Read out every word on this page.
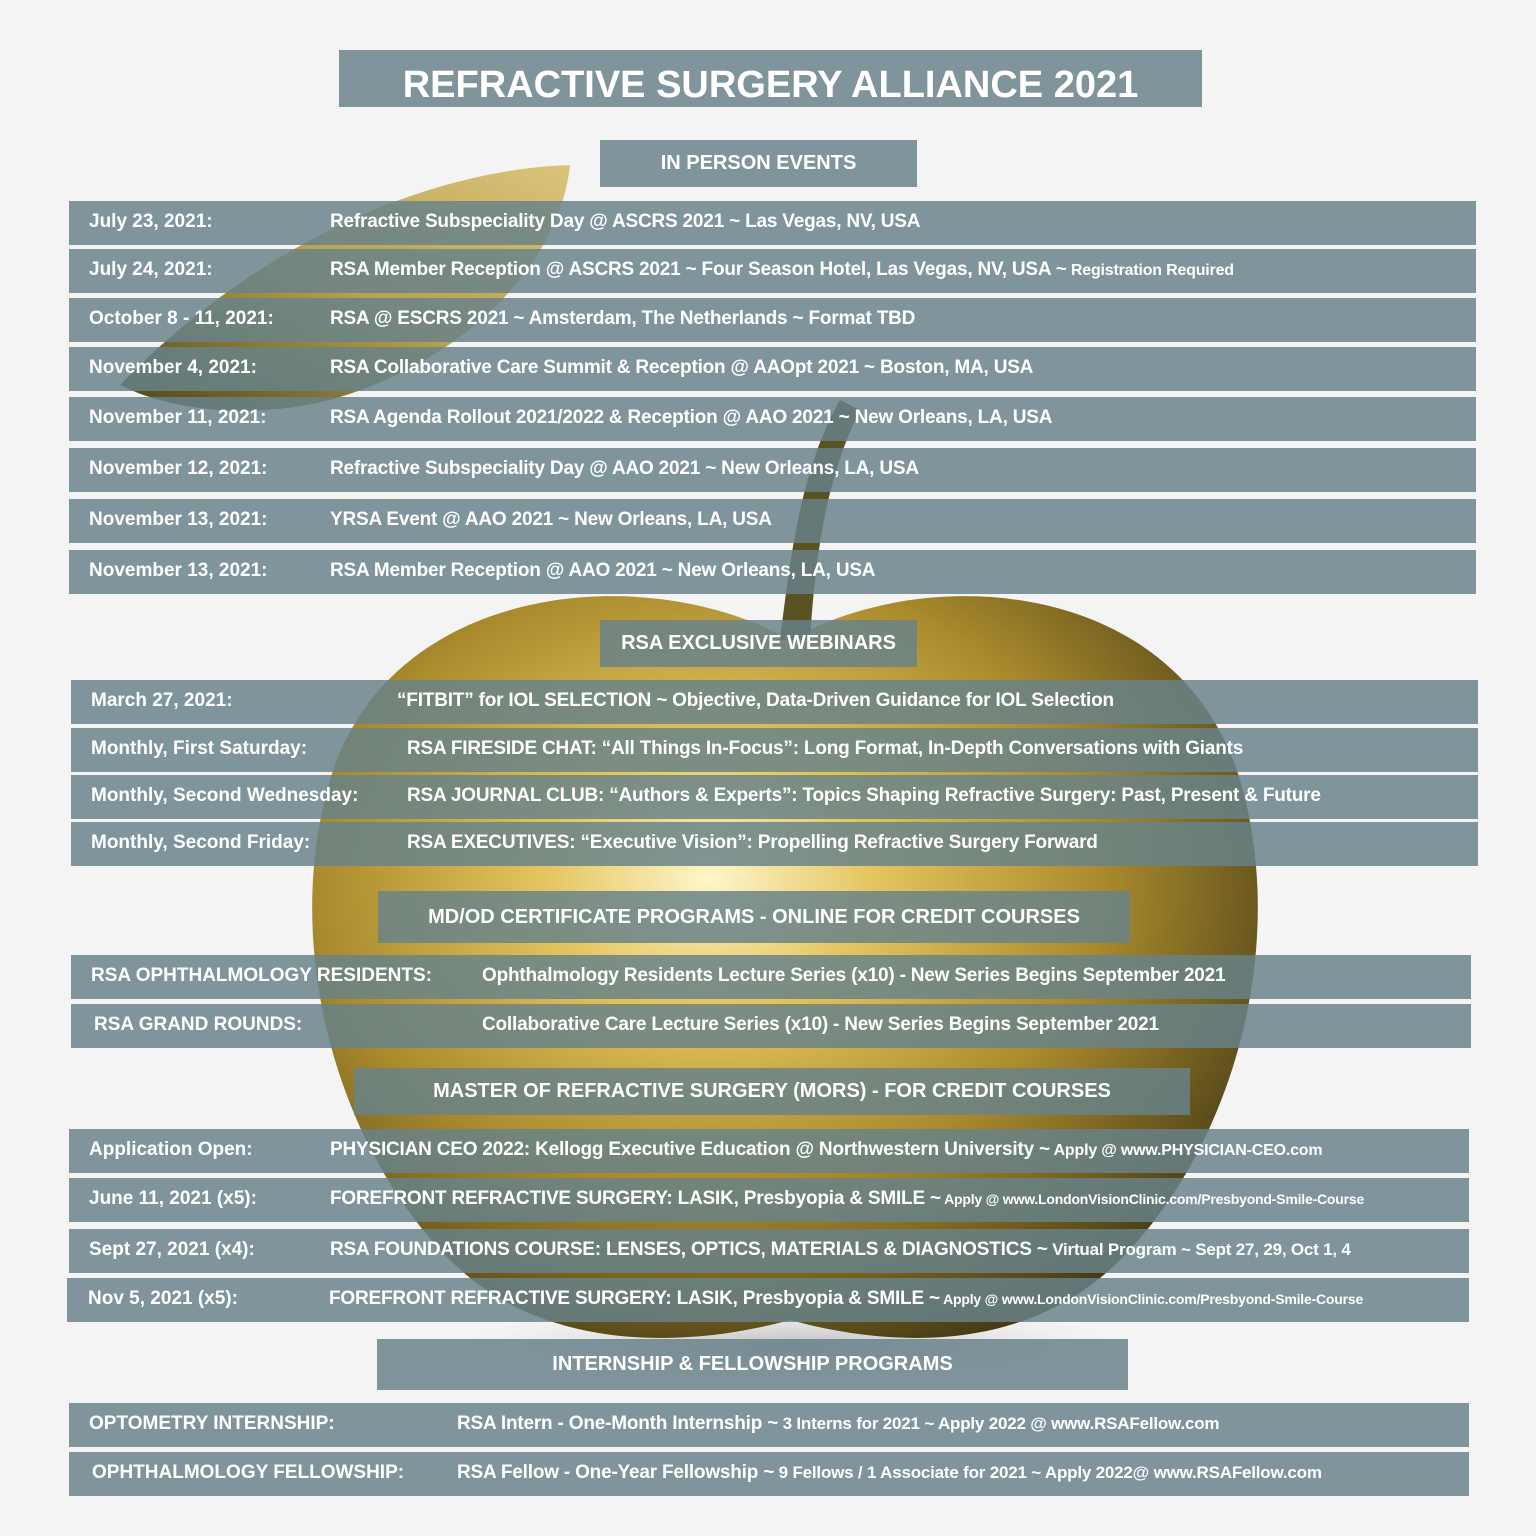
REFRACTIVE SURGERY ALLIANCE 2021
IN PERSON EVENTS
July 23, 2021:	Refractive Subspeciality Day @ ASCRS 2021 ~ Las Vegas, NV, USA
July 24, 2021:	RSA Member Reception @ ASCRS 2021 ~ Four Season Hotel, Las Vegas, NV, USA ~ Registration Required
October 8 - 11, 2021:	RSA @ ESCRS 2021 ~ Amsterdam, The Netherlands ~ Format TBD
November 4, 2021:	RSA Collaborative Care Summit & Reception @ AAOpt 2021 ~ Boston, MA, USA
November 11, 2021:	RSA Agenda Rollout 2021/2022 & Reception @ AAO 2021 ~ New Orleans, LA, USA
November 12, 2021:	Refractive Subspeciality Day @ AAO 2021 ~ New Orleans, LA, USA
November 13, 2021:	YRSA Event @ AAO 2021 ~ New Orleans, LA, USA
November 13, 2021:	RSA Member Reception @ AAO 2021 ~ New Orleans, LA, USA
RSA EXCLUSIVE WEBINARS
March 27, 2021:	“FITBIT” for IOL SELECTION ~ Objective, Data-Driven Guidance for IOL Selection
Monthly, First Saturday:	RSA FIRESIDE CHAT: “All Things In-Focus”: Long Format, In-Depth Conversations with Giants
Monthly, Second Wednesday:	RSA JOURNAL CLUB: “Authors & Experts”: Topics Shaping Refractive Surgery: Past, Present & Future
Monthly, Second Friday:	RSA EXECUTIVES: “Executive Vision”: Propelling Refractive Surgery Forward
MD/OD CERTIFICATE PROGRAMS - ONLINE FOR CREDIT COURSES
RSA OPHTHALMOLOGY RESIDENTS:	Ophthalmology Residents Lecture Series (x10) - New Series Begins September 2021
RSA GRAND ROUNDS:	Collaborative Care Lecture Series (x10) - New Series Begins September 2021
MASTER OF REFRACTIVE SURGERY (MORS) - FOR CREDIT COURSES
Application Open:	PHYSICIAN CEO 2022: Kellogg Executive Education @ Northwestern University ~ Apply @ www.PHYSICIAN-CEO.com
June 11, 2021 (x5):	FOREFRONT REFRACTIVE SURGERY: LASIK, Presbyopia & SMILE ~ Apply @ www.LondonVisionClinic.com/Presbyond-Smile-Course
Sept 27, 2021 (x4):	RSA FOUNDATIONS COURSE: LENSES, OPTICS, MATERIALS & DIAGNOSTICS ~ Virtual Program ~ Sept 27, 29, Oct 1, 4
Nov 5, 2021 (x5):	FOREFRONT REFRACTIVE SURGERY: LASIK, Presbyopia & SMILE ~ Apply @ www.LondonVisionClinic.com/Presbyond-Smile-Course
INTERNSHIP & FELLOWSHIP PROGRAMS
OPTOMETRY INTERNSHIP:	RSA Intern - One-Month Internship ~ 3 Interns for 2021 ~ Apply 2022 @ www.RSAFellow.com
OPHTHALMOLOGY FELLOWSHIP:	RSA Fellow - One-Year Fellowship ~ 9 Fellows / 1 Associate for 2021 ~ Apply 2022@ www.RSAFellow.com
